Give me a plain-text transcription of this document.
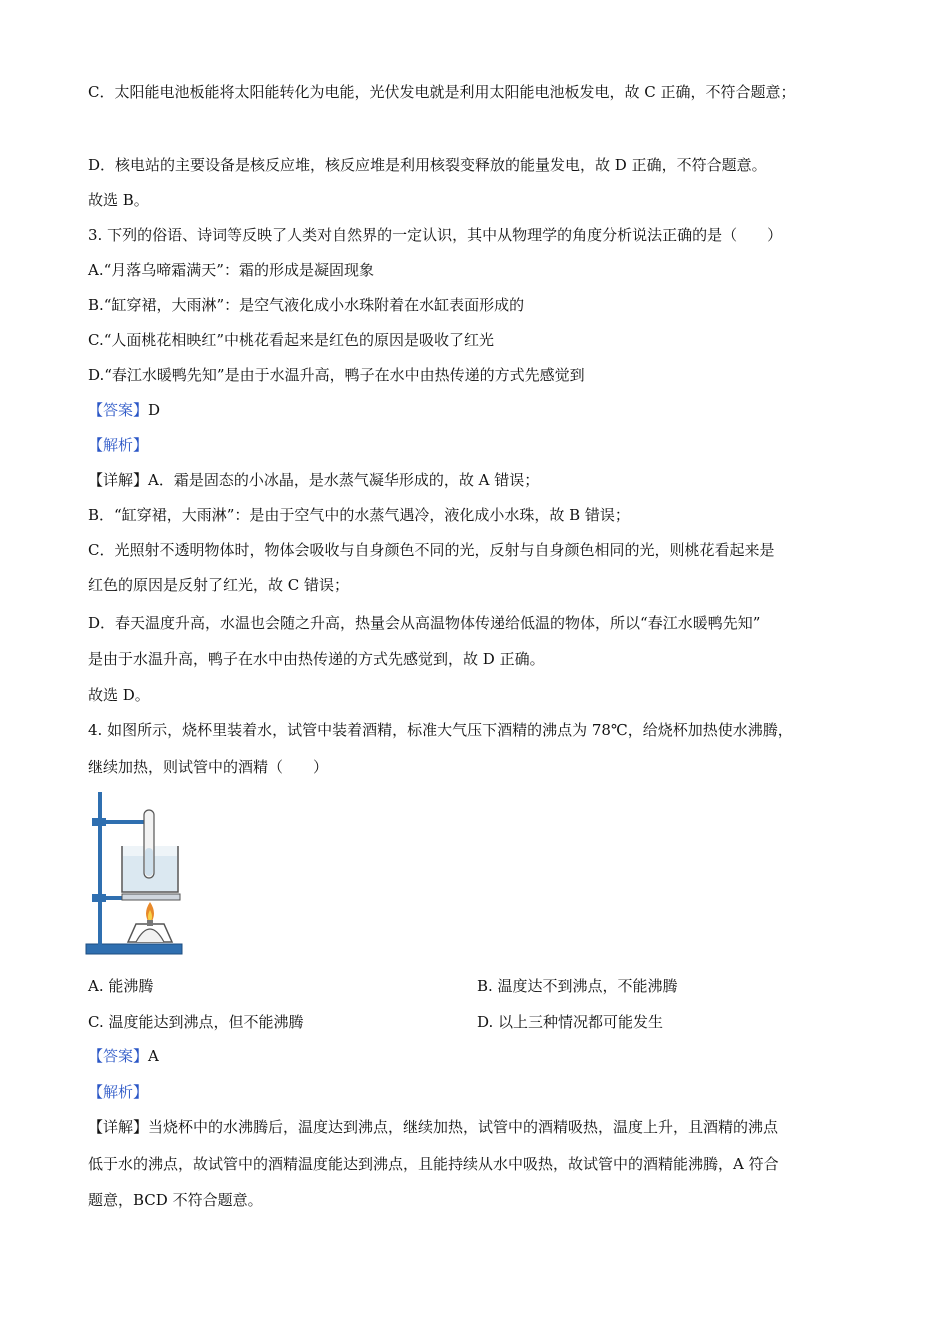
C．太阳能电池板能将太阳能转化为电能，光伏发电就是利用太阳能电池板发电，故 C 正确，不符合题意；
D．核电站的主要设备是核反应堆，核反应堆是利用核裂变释放的能量发电，故 D 正确，不符合题意。
故选 B。
3. 下列的俗语、诗词等反映了人类对自然界的一定认识，其中从物理学的角度分析说法正确的是（　　）
A.“月落乌啼霜满天”：霜的形成是凝固现象
B.“缸穿裙，大雨淋”：是空气液化成小水珠附着在水缸表面形成的
C.“人面桃花相映红”中桃花看起来是红色的原因是吸收了红光
D.“春江水暖鸭先知”是由于水温升高，鸭子在水中由热传递的方式先感觉到
【答案】D
【解析】
【详解】A．霜是固态的小冰晶，是水蒸气凝华形成的，故 A 错误；
B．“缸穿裙，大雨淋”：是由于空气中的水蒸气遇冷，液化成小水珠，故 B 错误；
C．光照射不透明物体时，物体会吸收与自身颜色不同的光，反射与自身颜色相同的光，则桃花看起来是
红色的原因是反射了红光，故 C 错误；
D．春天温度升高，水温也会随之升高，热量会从高温物体传递给低温的物体，所以“春江水暖鸭先知”
是由于水温升高，鸭子在水中由热传递的方式先感觉到，故 D 正确。
故选 D。
4. 如图所示，烧杯里装着水，试管中装着酒精，标准大气压下酒精的沸点为 78℃，给烧杯加热使水沸腾，
继续加热，则试管中的酒精（　　）
A. 能沸腾	B. 温度达不到沸点，不能沸腾
C. 温度能达到沸点，但不能沸腾	D. 以上三种情况都可能发生
【答案】A
【解析】
【详解】当烧杯中的水沸腾后，温度达到沸点，继续加热，试管中的酒精吸热，温度上升，且酒精的沸点
低于水的沸点，故试管中的酒精温度能达到沸点，且能持续从水中吸热，故试管中的酒精能沸腾，A 符合
题意，BCD 不符合题意。
